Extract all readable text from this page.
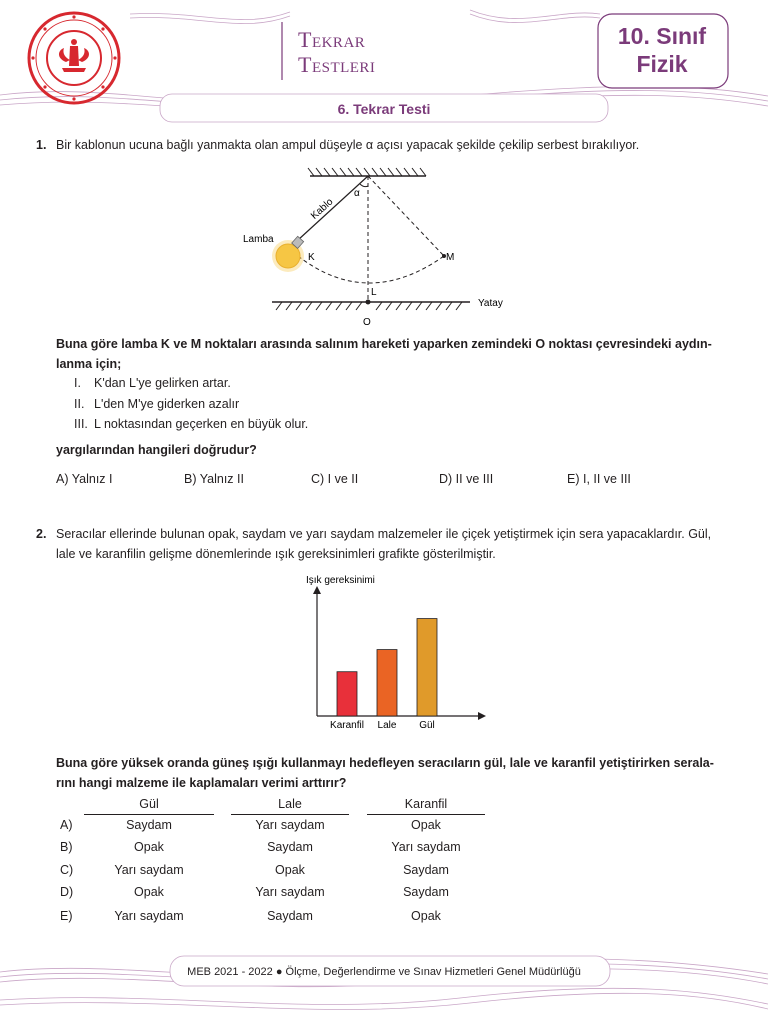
Tekrar
Testleri
10. Sınıf
Fizik
6. Tekrar Testi
1. Bir kablonun ucuna bağlı yanmakta olan ampul düşeyle α açısı yapacak şekilde çekilip serbest bırakılıyor.
Kablo
α
Lamba
K	M
L
O
Yatay
Buna göre lamba K ve M noktaları arasında salınım hareketi yaparken zemindeki O noktası çevresindeki aydın-
lanma için;
I. K'dan L'ye gelirken artar.
II. L'den M'ye giderken azalır
III. L noktasından geçerken en büyük olur.
yargılarından hangileri doğrudur?
A) Yalnız I	B) Yalnız II	C) I ve II	D) II ve III	E) I, II ve III
2. Seracılar ellerinde bulunan opak, saydam ve yarı saydam malzemeler ile çiçek yetiştirmek için sera yapacaklardır. Gül,
lale ve karanfilin gelişme dönemlerinde ışık gereksinimleri grafikte gösterilmiştir.
Işık gereksinimi
Karanfil Lale Gül
Buna göre yüksek oranda güneş ışığı kullanmayı hedefleyen seracıların gül, lale ve karanfil yetiştirirken serala-
rını hangi malzeme ile kaplamaları verimi arttırır?
Gül	Lale	Karanfil
A)	Saydam	Yarı saydam	Opak
B)	Opak	Saydam	Yarı saydam
C)	Yarı saydam	Opak	Saydam
D)	Opak	Yarı saydam	Saydam
E)	Yarı saydam	Saydam	Opak
MEB 2021 - 2022 ● Ölçme, Değerlendirme ve Sınav Hizmetleri Genel Müdürlüğü
